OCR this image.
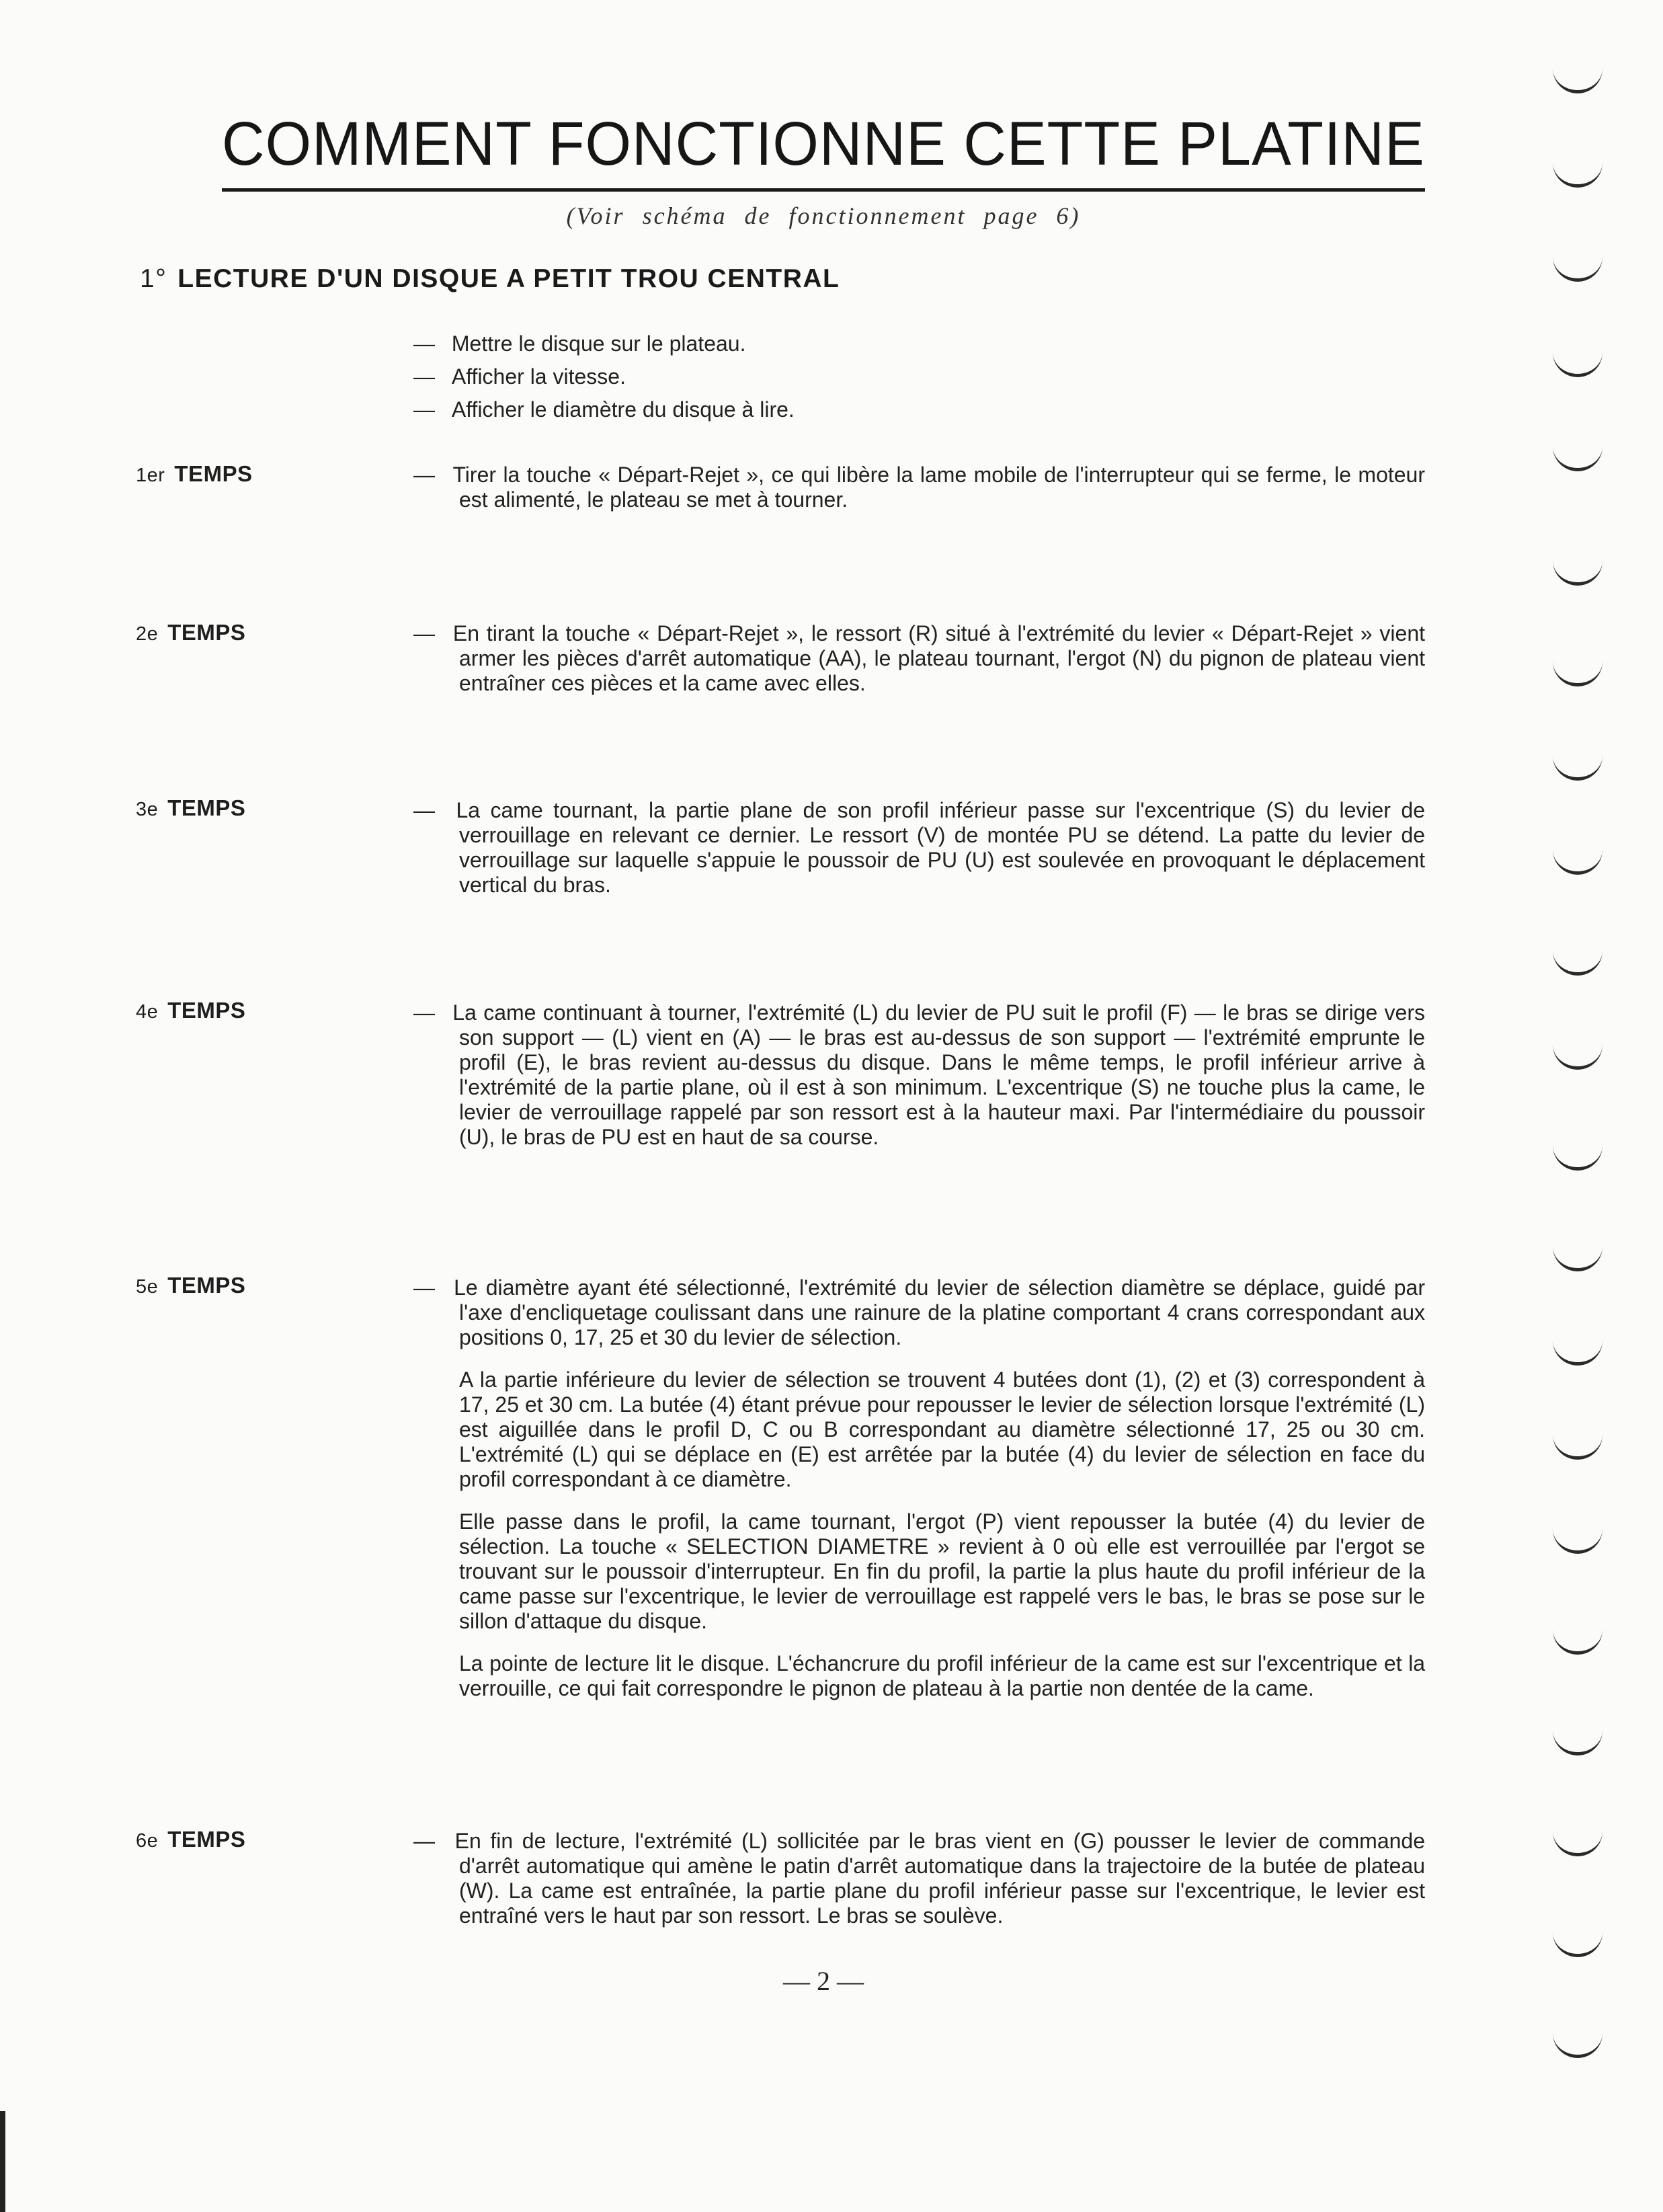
COMMENT FONCTIONNE CETTE PLATINE
(Voir schéma de fonctionnement page 6)
1° LECTURE D'UN DISQUE A PETIT TROU CENTRAL

— Mettre le disque sur le plateau.

— Afficher la vitesse.

— Afficher le diamètre du disque à lire.

1er TEMPS	— Tirer la touche « Départ-Rejet », ce qui libère la lame mobile de l'interrupteur qui se ferme, le moteur est alimenté, le plateau se met à tourner.

2e TEMPS	— En tirant la touche « Départ-Rejet », le ressort (R) situé à l'extrémité du levier « Départ-Rejet » vient armer les pièces d'arrêt automatique (AA), le plateau tournant, l'ergot (N) du pignon de plateau vient entraîner ces pièces et la came avec elles.

3e TEMPS	— La came tournant, la partie plane de son profil inférieur passe sur l'excentrique (S) du levier de verrouillage en relevant ce dernier. Le ressort (V) de montée PU se détend. La patte du levier de verrouillage sur laquelle s'appuie le poussoir de PU (U) est soulevée en provoquant le déplacement vertical du bras.

4e TEMPS	— La came continuant à tourner, l'extrémité (L) du levier de PU suit le profil (F) — le bras se dirige vers son support — (L) vient en (A) — le bras est au-dessus de son support — l'extrémité emprunte le profil (E), le bras revient au-dessus du disque. Dans le même temps, le profil inférieur arrive à l'extrémité de la partie plane, où il est à son minimum. L'excentrique (S) ne touche plus la came, le levier de verrouillage rappelé par son ressort est à la hauteur maxi. Par l'intermédiaire du poussoir (U), le bras de PU est en haut de sa course.

5e TEMPS	— Le diamètre ayant été sélectionné, l'extrémité du levier de sélection diamètre se déplace, guidé par l'axe d'encliquetage coulissant dans une rainure de la platine comportant 4 crans correspondant aux positions 0, 17, 25 et 30 du levier de sélection.

A la partie inférieure du levier de sélection se trouvent 4 butées dont (1), (2) et (3) correspondent à 17, 25 et 30 cm. La butée (4) étant prévue pour repousser le levier de sélection lorsque l'extrémité (L) est aiguillée dans le profil D, C ou B correspondant au diamètre sélectionné 17, 25 ou 30 cm. L'extrémité (L) qui se déplace en (E) est arrêtée par la butée (4) du levier de sélection en face du profil correspondant à ce diamètre.

Elle passe dans le profil, la came tournant, l'ergot (P) vient repousser la butée (4) du levier de sélection. La touche « SELECTION DIAMETRE » revient à 0 où elle est verrouillée par l'ergot se trouvant sur le poussoir d'interrupteur. En fin du profil, la partie la plus haute du profil inférieur de la came passe sur l'excentrique, le levier de verrouillage est rappelé vers le bas, le bras se pose sur le sillon d'attaque du disque.

La pointe de lecture lit le disque. L'échancrure du profil inférieur de la came est sur l'excentrique et la verrouille, ce qui fait correspondre le pignon de plateau à la partie non dentée de la came.

6e TEMPS	— En fin de lecture, l'extrémité (L) sollicitée par le bras vient en (G) pousser le levier de commande d'arrêt automatique qui amène le patin d'arrêt automatique dans la trajectoire de la butée de plateau (W). La came est entraînée, la partie plane du profil inférieur passe sur l'excentrique, le levier est entraîné vers le haut par son ressort. Le bras se soulève.

— 2 —
